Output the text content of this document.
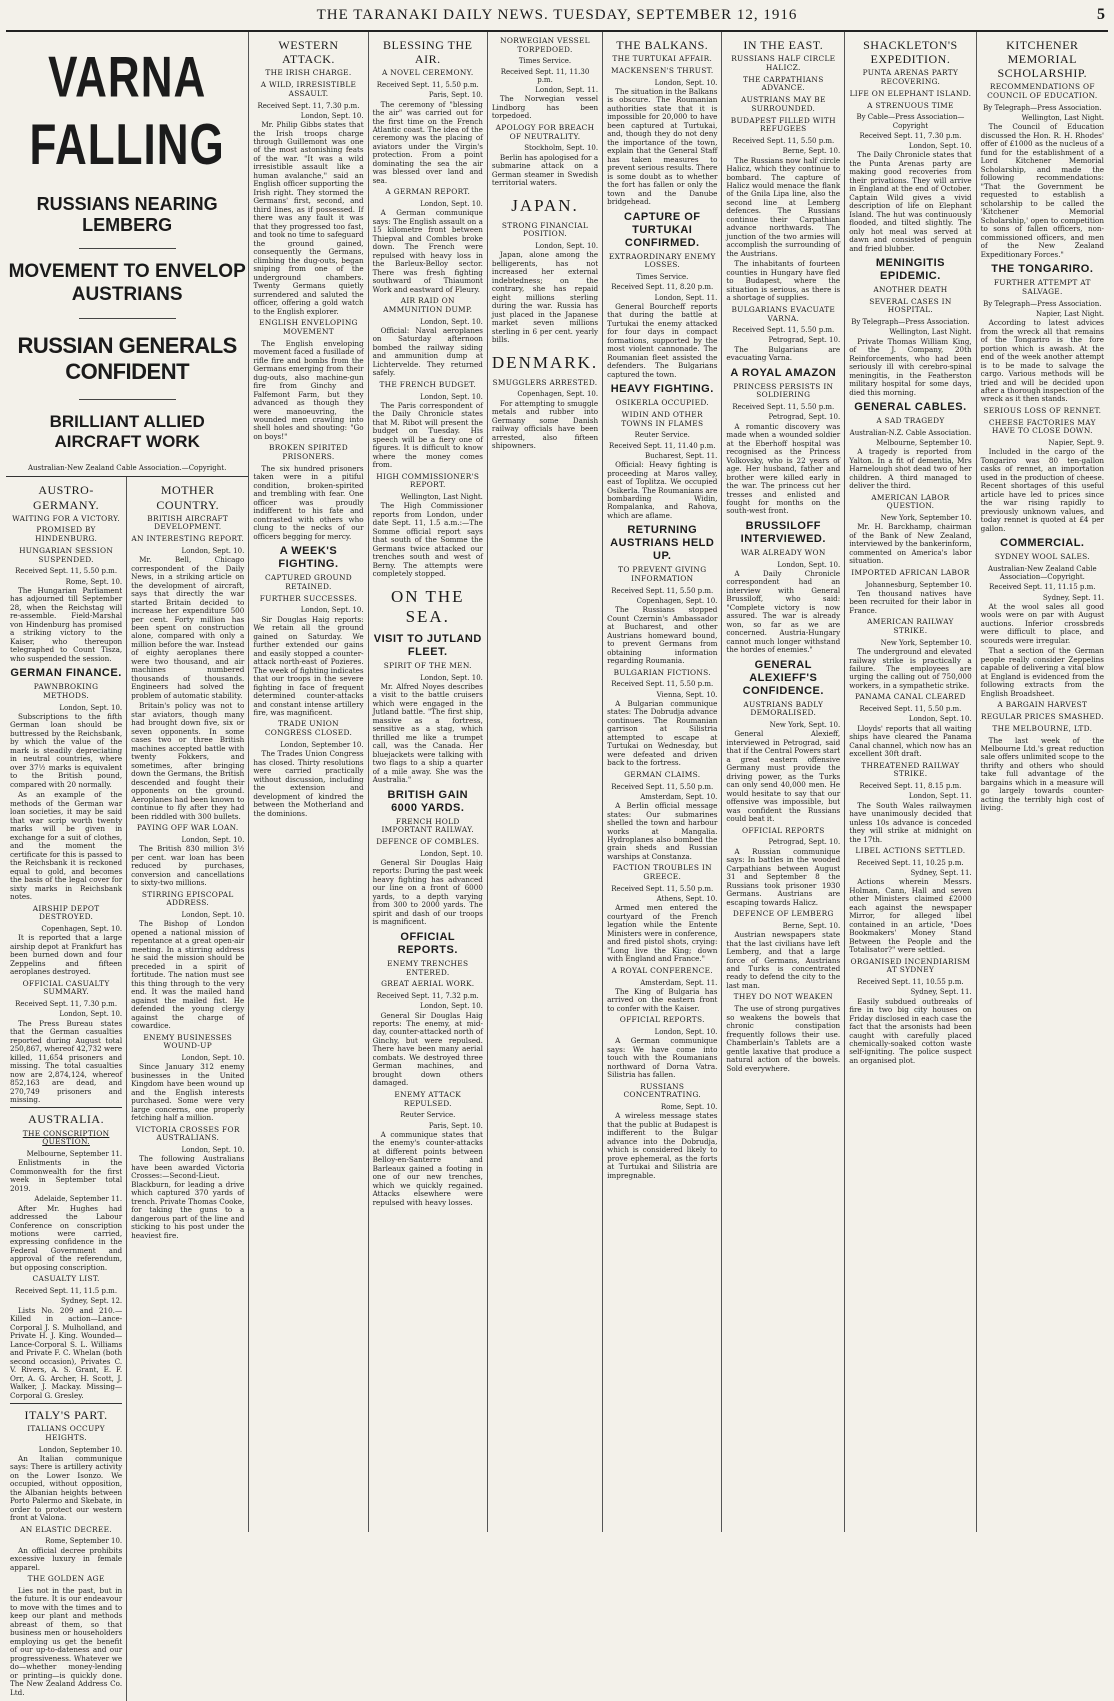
THE TARANAKI DAILY NEWS. TUESDAY, SEPTEMBER 12, 1916	5
VARNA FALLING
RUSSIANS NEARING LEMBERG
MOVEMENT TO ENVELOP AUSTRIANS
RUSSIAN GENERALS CONFIDENT
BRILLIANT ALLIED AIRCRAFT WORK
Australian-New Zealand Cable Association.—Copyright.
AUSTRO-GERMANY.
WAITING FOR A VICTORY.
PROMISED BY HINDENBURG.
HUNGARIAN SESSION SUSPENDED.
Received Sept. 11, 5.50 p.m.
Rome, Sept. 10.

The Hungarian Parliament has adjourned till September 28, when the Reichstag will re-assemble. Field-Marshal von Hindenburg has promised a striking victory to the Kaiser, who thereupon telegraphed to Count Tisza, who suspended the session.

GERMAN FINANCE.
PAWNBROKING METHODS.
London, Sept. 10.

Subscriptions to the fifth German loan should be buttressed by the Reichsbank, by which the value of the mark is steadily depreciating in neutral countries, where over 37½ marks is equivalent to the British pound, compared with 20 normally.

As an example of the methods of the German war loan societies, it may be said that war scrip worth twenty marks will be given in exchange for a suit of clothes, and the moment the certificate for this is passed to the Reichsbank it is reckoned equal to gold, and becomes the basis of the legal cover for sixty marks in Reichsbank notes.

AIRSHIP DEPOT DESTROYED.
Copenhagen, Sept. 10.

It is reported that a large airship depot at Frankfurt has been burned down and four Zeppelins and fifteen aeroplanes destroyed.

OFFICIAL CASUALTY SUMMARY.
Received Sept. 11, 7.30 p.m.
London, Sept. 10.

The Press Bureau states that the German casualties reported during August total 250,867, whereof 42,732 were killed, 11,654 prisoners and missing. The total casualties now are 2,874,124, whereof 852,163 are dead, and 270,749 prisoners and missing.

AUSTRALIA.
THE CONSCRIPTION QUESTION.
Melbourne, September 11.

Enlistments in the Commonwealth for the first week in September total 2019.

Adelaide, September 11.

After Mr. Hughes had addressed the Labour Conference on conscription motions were carried, expressing confidence in the Federal Government and approval of the referendum, but opposing conscription.

CASUALTY LIST.
Received Sept. 11, 11.5 p.m.
Sydney, Sept. 12.

Lists No. 209 and 210.—Killed in action—Lance-Corporal J. S. Mulholland, and Private H. J. King. Wounded—Lance-Corporal S. L. Williams and Private F. C. Whelan (both second occasion), Privates C. V. Rivers, A. S. Grant, E. F. Orr, A. G. Archer, H. Scott, J. Walker, J. Mackay. Missing—Corporal G. Gresley.

ITALY'S PART.
ITALIANS OCCUPY HEIGHTS.
London, September 10.

An Italian communique says: There is artillery activity on the Lower Isonzo. We occupied, without opposition, the Albanian heights between Porto Palermo and Skebate, in order to protect our western front at Valona.

AN ELASTIC DECREE.
Rome, September 10.

An official decree prohibits excessive luxury in female apparel.

THE GOLDEN AGE

Lies not in the past, but in the future. It is our endeavour to move with the times and to keep our plant and methods abreast of them, so that business men or householders employing us get the benefit of our up-to-dateness and our progressiveness. Whatever we do—whether money-lending or printing—is quickly done. The New Zealand Address Co. Ltd.

MOTHER COUNTRY.
BRITISH AIRCRAFT DEVELOPMENT.
AN INTERESTING REPORT.
London, Sept. 10.

Mr. Bell, Chicago correspondent of the Daily News, in a striking article on the development of aircraft, says that directly the war started Britain decided to increase her expenditure 500 per cent. Forty million has been spent on construction alone, compared with only a million before the war. Instead of eighty aeroplanes there were two thousand, and air machines numbered thousands of thousands. Engineers had solved the problem of automatic stability.

Britain's policy was not to star aviators, though many had brought down five, six or seven opponents. In some cases two or three British machines accepted battle with twenty Fokkers, and sometimes, after bringing down the Germans, the British descended and fought their opponents on the ground. Aeroplanes had been known to continue to fly after they had been riddled with 300 bullets.

PAYING OFF WAR LOAN.
London, Sept. 10.

The British 830 million 3½ per cent. war loan has been reduced by purchases, conversion and cancellations to sixty-two millions.

STIRRING EPISCOPAL ADDRESS.
London, Sept. 10.

The Bishop of London opened a national mission of repentance at a great open-air meeting. In a stirring address he said the mission should be preceded in a spirit of fortitude. The nation must see this thing through to the very end. It was the mailed hand against the mailed fist. He defended the young clergy against the charge of cowardice.

ENEMY BUSINESSES WOUND-UP
London, Sept. 10.

Since January 312 enemy businesses in the United Kingdom have been wound up and the English interests purchased. Some were very large concerns, one properly fetching half a million.

VICTORIA CROSSES FOR AUSTRALIANS.
London, Sept. 10.

The following Australians have been awarded Victoria Crosses:—Second-Lieut. Blackburn, for leading a drive which captured 370 yards of trench. Private Thomas Cooke, for taking the guns to a dangerous part of the line and sticking to his post under the heaviest fire.

WESTERN ATTACK.
THE IRISH CHARGE.
A WILD, IRRESISTIBLE ASSAULT.
Received Sept. 11, 7.30 p.m.
London, Sept. 10.

Mr. Philip Gibbs states that the Irish troops charge through Guillemont was one of the most astonishing feats of the war. "It was a wild irresistible assault like a human avalanche," said an English officer supporting the Irish right. They stormed the Germans' first, second, and third lines, as if possessed. If there was any fault it was that they progressed too fast, and took no time to safeguard the ground gained, consequently the Germans, climbing the dug-outs, began sniping from one of the underground chambers. Twenty Germans quietly surrendered and saluted the officer, offering a gold watch to the English explorer.

ENGLISH ENVELOPING MOVEMENT

The English enveloping movement faced a fusillade of rifle fire and bombs from the Germans emerging from their dug-outs, also machine-gun fire from Ginchy and Falfemont Farm, but they advanced as though they were manoeuvring, the wounded men crawling into shell holes and shouting: "Go on boys!"

BROKEN SPIRITED PRISONERS.

The six hundred prisoners taken were in a pitiful condition, broken-spirited and trembling with fear. One officer was proudly indifferent to his fate and contrasted with others who clung to the necks of our officers begging for mercy.

A WEEK'S FIGHTING.
CAPTURED GROUND RETAINED.
FURTHER SUCCESSES.
London, Sept. 10.

Sir Douglas Haig reports: We retain all the ground gained on Saturday. We further extended our gains and easily stopped a counter-attack north-east of Pozieres. The week of fighting indicates that our troops in the severe fighting in face of frequent determined counter-attacks and constant intense artillery fire, was magnificent.

TRADE UNION CONGRESS CLOSED.
London, September 10.

The Trades Union Congress has closed. Thirty resolutions were carried practically without discussion, including the extension and development of kindred the between the Motherland and the dominions.

BLESSING THE AIR.
A NOVEL CEREMONY.
Received Sept. 11, 5.50 p.m.
Paris, Sept. 10.

The ceremony of "blessing the air" was carried out for the first time on the French Atlantic coast. The idea of the ceremony was the placing of aviators under the Virgin's protection. From a point dominating the sea the air was blessed over land and sea.

A GERMAN REPORT.
London, Sept. 10.

A German communique says: The English assault on a 15 kilometre front between Thiepval and Combles broke down. The French were repulsed with heavy loss in the Barleux-Belloy sector. There was fresh fighting southward of Thiaumont Work and eastward of Fleury.

AIR RAID ON AMMUNITION DUMP.
London, Sept. 10.

Official: Naval aeroplanes on Saturday afternoon bombed the railway siding and ammunition dump at Lichtervelde. They returned safely.

THE FRENCH BUDGET.
London, Sept. 10.

The Paris correspondent of the Daily Chronicle states that M. Ribot will present the budget on Tuesday. His speech will be a fiery one of figures. It is difficult to know where the money comes from.

HIGH COMMISSIONER'S REPORT.
Wellington, Last Night.

The High Commissioner reports from London, under date Sept. 11, 1.5 a.m.:—The Somme official report says that south of the Somme the Germans twice attacked our trenches south and west of Berny. The attempts were completely stopped.

ON THE SEA.
VISIT TO JUTLAND FLEET.
SPIRIT OF THE MEN.
London, Sept. 10.

Mr. Alfred Noyes describes a visit to the battle cruisers which were engaged in the Jutland battle. "The first ship, massive as a fortress, sensitive as a stag, which thrilled me like a trumpet call, was the Canada. Her bluejackets were talking with two flags to a ship a quarter of a mile away. She was the Australia."

BRITISH GAIN 6000 YARDS.
FRENCH HOLD IMPORTANT RAILWAY.
DEFENCE OF COMBLES.
London, Sept. 10.

General Sir Douglas Haig reports: During the past week heavy fighting has advanced our line on a front of 6000 yards, to a depth varying from 300 to 2000 yards. The spirit and dash of our troops is magnificent.

OFFICIAL REPORTS.
ENEMY TRENCHES ENTERED.
GREAT AERIAL WORK.
Received Sept. 11, 7.32 p.m.
London, Sept. 10.

General Sir Douglas Haig reports: The enemy, at mid-day, counter-attacked north of Ginchy, but were repulsed. There have been many aerial combats. We destroyed three German machines, and brought down others damaged.

ENEMY ATTACK REPULSED.
Reuter Service.
Paris, Sept. 10.

A communique states that the enemy's counter-attacks at different points between Belloy-en-Santerre and Barleaux gained a footing in one of our new trenches, which we quickly regained. Attacks elsewhere were repulsed with heavy losses.

NORWEGIAN VESSEL TORPEDOED.
Times Service.
Received Sept. 11, 11.30 p.m.
London, Sept. 11.

The Norwegian vessel Lindborg has been torpedoed.

APOLOGY FOR BREACH OF NEUTRALITY.
Stockholm, Sept. 10.

Berlin has apologised for a submarine attack on a German steamer in Swedish territorial waters.

JAPAN.
STRONG FINANCIAL POSITION.
London, Sept. 10.

Japan, alone among the belligerents, has not increased her external indebtedness; on the contrary, she has repaid eight millions sterling during the war. Russia has just placed in the Japanese market seven millions sterling in 6 per cent. yearly bills.

DENMARK.
SMUGGLERS ARRESTED.
Copenhagen, Sept. 10.

For attempting to smuggle metals and rubber into Germany some Danish railway officials have been arrested, also fifteen shipowners.

THE BALKANS.
THE TURTUKAI AFFAIR.
MACKENSEN'S THRUST.
London, Sept. 10.

The situation in the Balkans is obscure. The Roumanian authorities state that it is impossible for 20,000 to have been captured at Turtukai, and, though they do not deny the importance of the town, explain that the General Staff has taken measures to prevent serious results. There is some doubt as to whether the fort has fallen or only the town and the Danube bridgehead.

CAPTURE OF TURTUKAI CONFIRMED.
EXTRAORDINARY ENEMY LOSSES.
Times Service.
Received Sept. 11, 8.20 p.m.
London, Sept. 11.

General Bourcheff reports that during the battle at Turtukai the enemy attacked for four days in compact formations, supported by the most violent cannonade. The Roumanian fleet assisted the defenders. The Bulgarians captured the town.

HEAVY FIGHTING.
OSIKERLA OCCUPIED.
WIDIN AND OTHER TOWNS IN FLAMES
Reuter Service.
Received Sept. 11, 11.40 p.m.
Bucharest, Sept. 11.

Official: Heavy fighting is proceeding at Maros valley, east of Toplitza. We occupied Osikerla. The Roumanians are bombarding Widin, Rompalanka, and Rahova, which are aflame.

RETURNING AUSTRIANS HELD UP.
TO PREVENT GIVING INFORMATION
Received Sept. 11, 5.50 p.m.
Copenhagen, Sept. 10.

The Russians stopped Count Czernin's Ambassador at Bucharest, and other Austrians homeward bound, to prevent Germans from obtaining information regarding Roumania.

BULGARIAN FICTIONS.
Received Sept. 11, 5.50 p.m.
Vienna, Sept. 10.

A Bulgarian communique states: The Dobrudja advance continues. The Roumanian garrison at Silistria attempted to escape at Turtukai on Wednesday, but were defeated and driven back to the fortress.

GERMAN CLAIMS.
Received Sept. 11, 5.50 p.m.
Amsterdam, Sept. 10.

A Berlin official message states: Our submarines shelled the town and harbour works at Mangalia. Hydroplanes also bombed the grain sheds and Russian warships at Constanza.

FACTION TROUBLES IN GREECE.
Received Sept. 11, 5.50 p.m.
Athens, Sept. 10.

Armed men entered the courtyard of the French legation while the Entente Ministers were in conference, and fired pistol shots, crying: "Long live the King; down with England and France."

A ROYAL CONFERENCE.
Amsterdam, Sept. 11.

The King of Bulgaria has arrived on the eastern front to confer with the Kaiser.

OFFICIAL REPORTS.
London, Sept. 10.

A German communique says: We have come into touch with the Roumanians northward of Dorna Vatra. Silistria has fallen.

RUSSIANS CONCENTRATING.
Rome, Sept. 10.

A wireless message states that the public at Budapest is indifferent to the Bulgar advance into the Dobrudja, which is considered likely to prove ephemeral, as the forts at Turtukai and Silistria are impregnable.

IN THE EAST.
RUSSIANS HALF CIRCLE HALICZ.
THE CARPATHIANS ADVANCE.
AUSTRIANS MAY BE SURROUNDED.
BUDAPEST FILLED WITH REFUGEES
Received Sept. 11, 5.50 p.m.
Berne, Sept. 10.

The Russians now half circle Halicz, which they continue to bombard. The capture of Halicz would menace the flank of the Gnila Lipa line, also the second line at Lemberg defences. The Russians continue their Carpathian advance northwards. The junction of the two armies will accomplish the surrounding of the Austrians.

The inhabitants of fourteen counties in Hungary have fled to Budapest, where the situation is serious, as there is a shortage of supplies.

BULGARIANS EVACUATE VARNA.
Received Sept. 11, 5.50 p.m.
Petrograd, Sept. 10.

The Bulgarians are evacuating Varna.

A ROYAL AMAZON
PRINCESS PERSISTS IN SOLDIERING
Received Sept. 11, 5.50 p.m.
Petrograd, Sept. 10.

A romantic discovery was made when a wounded soldier at the Eberhoff hospital was recognised as the Princess Volkovsky, who is 22 years of age. Her husband, father and brother were killed early in the war. The princess cut her tresses and enlisted and fought for months on the south-west front.

BRUSSILOFF INTERVIEWED.
WAR ALREADY WON
London, Sept. 10.

A Daily Chronicle correspondent had an interview with General Brussiloff, who said: "Complete victory is now assured. The war is already won, so far as we are concerned. Austria-Hungary cannot much longer withstand the hordes of enemies."

GENERAL ALEXIEFF'S CONFIDENCE.
AUSTRIANS BADLY DEMORALISED.
New York, Sept. 10.

General Alexieff, interviewed in Petrograd, said that if the Central Powers start a great eastern offensive Germany must provide the driving power, as the Turks can only send 40,000 men. He would hesitate to say that our offensive was impossible, but was confident the Russians could beat it.

OFFICIAL REPORTS
Petrograd, Sept. 10.

A Russian communique says: In battles in the wooded Carpathians between August 31 and September 8 the Russians took prisoner 1930 Germans. Austrians are escaping towards Halicz.

DEFENCE OF LEMBERG
Berne, Sept. 10.

Austrian newspapers state that the last civilians have left Lemberg, and that a large force of Germans, Austrians and Turks is concentrated ready to defend the city to the last man.

THEY DO NOT WEAKEN

The use of strong purgatives so weakens the bowels that chronic constipation frequently follows their use. Chamberlain's Tablets are a gentle laxative that produce a natural action of the bowels. Sold everywhere.

SHACKLETON'S EXPEDITION.
PUNTA ARENAS PARTY RECOVERING.
LIFE ON ELEPHANT ISLAND.
A STRENUOUS TIME
By Cable—Press Association—Copyright
Received Sept. 11, 7.30 p.m.
London, Sept. 10.

The Daily Chronicle states that the Punta Arenas party are making good recoveries from their privations. They will arrive in England at the end of October. Captain Wild gives a vivid description of life on Elephant Island. The hut was continuously flooded, and tilted slightly. The only hot meal was served at dawn and consisted of penguin and fried blubber.

MENINGITIS EPIDEMIC.
ANOTHER DEATH
SEVERAL CASES IN HOSPITAL.
By Telegraph—Press Association.
Wellington, Last Night.

Private Thomas William King, of the J. Company, 20th Reinforcements, who had been seriously ill with cerebro-spinal meningitis, in the Featherston military hospital for some days, died this morning.

GENERAL CABLES.
A SAD TRAGEDY
Australian-N.Z. Cable Association.
Melbourne, September 10.

A tragedy is reported from Yalton. In a fit of dementia, Mrs Harnelough shot dead two of her children. A third managed to deliver the third.

AMERICAN LABOR QUESTION.
New York, September 10.

Mr. H. Barckhamp, chairman of the Bank of New Zealand, interviewed by the bankerinform, commented on America's labor situation.

IMPORTED AFRICAN LABOR
Johannesburg, September 10.

Ten thousand natives have been recruited for their labor in France.

AMERICAN RAILWAY STRIKE.
New York, September 10.

The underground and elevated railway strike is practically a failure. The employees are urging the calling out of 750,000 workers, in a sympathetic strike.

PANAMA CANAL CLEARED
Received Sept. 11, 5.50 p.m.
London, Sept. 10.

Lloyds' reports that all waiting ships have cleared the Panama Canal channel, which now has an excellent 30ft draft.

THREATENED RAILWAY STRIKE.
Received Sept. 11, 8.15 p.m.
London, Sept. 11.

The South Wales railwaymen have unanimously decided that unless 10s advance is conceded they will strike at midnight on the 17th.

LIBEL ACTIONS SETTLED.
Received Sept. 11, 10.25 p.m.
Sydney, Sept. 11.

Actions wherein Messrs. Holman, Cann, Hall and seven other Ministers claimed £2000 each against the newspaper Mirror, for alleged libel contained in an article, "Does Bookmakers' Money Stand Between the People and the Totalisator?" were settled.

ORGANISED INCENDIARISM AT SYDNEY
Received Sept. 11, 10.55 p.m.
Sydney, Sept. 11.

Easily subdued outbreaks of fire in two big city houses on Friday disclosed in each case the fact that the arsonists had been caught with carefully placed chemically-soaked cotton waste self-igniting. The police suspect an organised plot.

KITCHENER MEMORIAL SCHOLARSHIP.
RECOMMENDATIONS OF COUNCIL OF EDUCATION.
By Telegraph—Press Association.
Wellington, Last Night.

The Council of Education discussed the Hon. R. H. Rhodes' offer of £1000 as the nucleus of a fund for the establishment of a Lord Kitchener Memorial Scholarship, and made the following recommendations: "That the Government be requested to establish a scholarship to be called the 'Kitchener Memorial Scholarship,' open to competition to sons of fallen officers, non-commissioned officers, and men of the New Zealand Expeditionary Forces."

THE TONGARIRO.
FURTHER ATTEMPT AT SALVAGE.
By Telegraph—Press Association.
Napier, Last Night.

According to latest advices from the wreck all that remains of the Tongariro is the fore portion which is awash. At the end of the week another attempt is to be made to salvage the cargo. Various methods will be tried and will be decided upon after a thorough inspection of the wreck as it then stands.

SERIOUS LOSS OF RENNET.
CHEESE FACTORIES MAY HAVE TO CLOSE DOWN.
Napier, Sept. 9.

Included in the cargo of the Tongariro was 80 ten-gallon casks of rennet, an importation used in the production of cheese. Recent shortages of this useful article have led to prices since the war rising rapidly to previously unknown values, and today rennet is quoted at £4 per gallon.

COMMERCIAL.
SYDNEY WOOL SALES.
Australian-New Zealand Cable Association—Copyright.
Received Sept. 11, 11.15 p.m.
Sydney, Sept. 11.

At the wool sales all good wools were on par with August auctions. Inferior crossbreds were difficult to place, and scoureds were irregular.

That a section of the German people really consider Zeppelins capable of delivering a vital blow at England is evidenced from the following extracts from the English Broadsheet.

A BARGAIN HARVEST
REGULAR PRICES SMASHED.
THE MELBOURNE, LTD.

The last week of the Melbourne Ltd.'s great reduction sale offers unlimited scope to the thrifty and others who should take full advantage of the bargains which in a measure will go largely towards counter-acting the terribly high cost of living.
